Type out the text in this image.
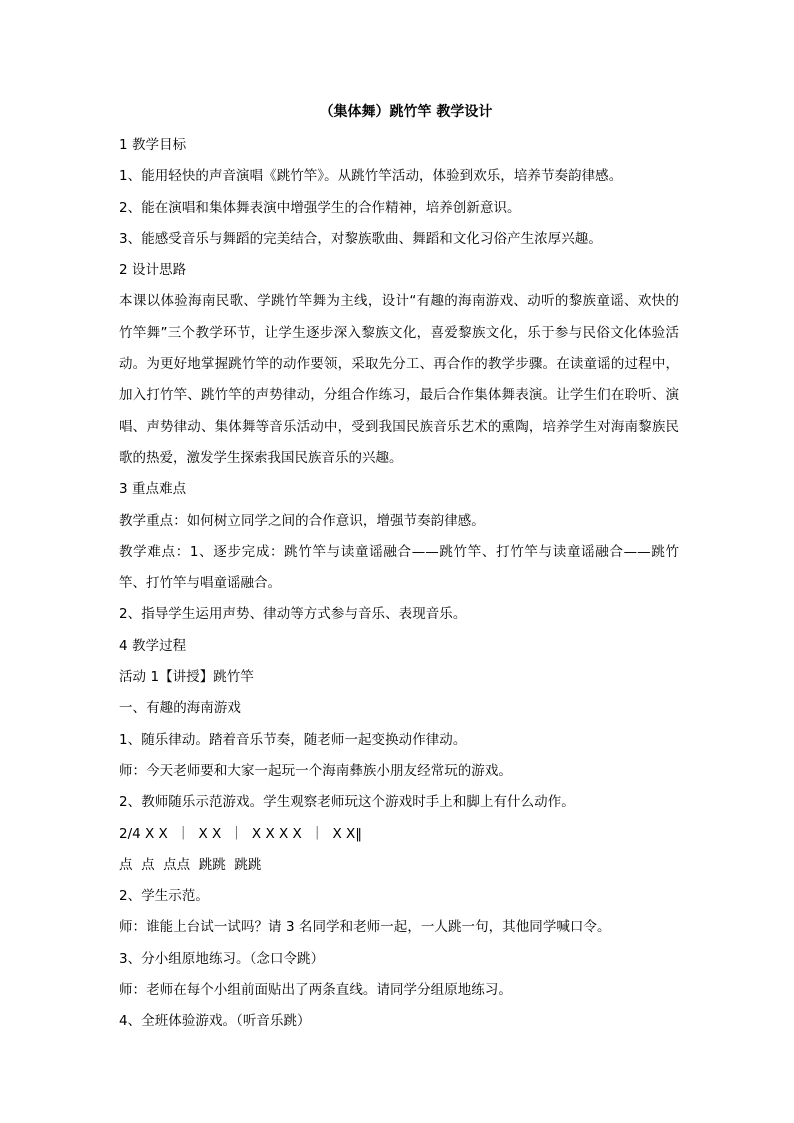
（集体舞）跳竹竿 教学设计

1 教学目标

1、能用轻快的声音演唱《跳竹竿》。从跳竹竿活动，体验到欢乐，培养节奏韵律感。

2、能在演唱和集体舞表演中增强学生的合作精神，培养创新意识。

3、能感受音乐与舞蹈的完美结合，对黎族歌曲、舞蹈和文化习俗产生浓厚兴趣。

2 设计思路

本课以体验海南民歌、学跳竹竿舞为主线，设计“有趣的海南游戏、动听的黎族童谣、欢快的竹竿舞”三个教学环节，让学生逐步深入黎族文化，喜爱黎族文化，乐于参与民俗文化体验活动。为更好地掌握跳竹竿的动作要领，采取先分工、再合作的教学步骤。在读童谣的过程中，加入打竹竿、跳竹竿的声势律动，分组合作练习，最后合作集体舞表演。让学生们在聆听、演唱、声势律动、集体舞等音乐活动中，受到我国民族音乐艺术的熏陶，培养学生对海南黎族民歌的热爱，激发学生探索我国民族音乐的兴趣。

3 重点难点

教学重点：如何树立同学之间的合作意识，增强节奏韵律感。

教学难点：1、逐步完成：跳竹竿与读童谣融合——跳竹竿、打竹竿与读童谣融合——跳竹竿、打竹竿与唱童谣融合。

2、指导学生运用声势、律动等方式参与音乐、表现音乐。

4 教学过程

活动 1【讲授】跳竹竿

一、有趣的海南游戏

1、随乐律动。踏着音乐节奏，随老师一起变换动作律动。

师：今天老师要和大家一起玩一个海南彝族小朋友经常玩的游戏。

2、教师随乐示范游戏。学生观察老师玩这个游戏时手上和脚上有什么动作。

2/4 X X  ｜  X X  ｜  X X X X  ｜  X X‖

点  点  点点  跳跳  跳跳

2、学生示范。

师：谁能上台试一试吗？请 3 名同学和老师一起，一人跳一句，其他同学喊口令。

3、分小组原地练习。（念口令跳）

师：老师在每个小组前面贴出了两条直线。请同学分组原地练习。

4、全班体验游戏。（听音乐跳）
